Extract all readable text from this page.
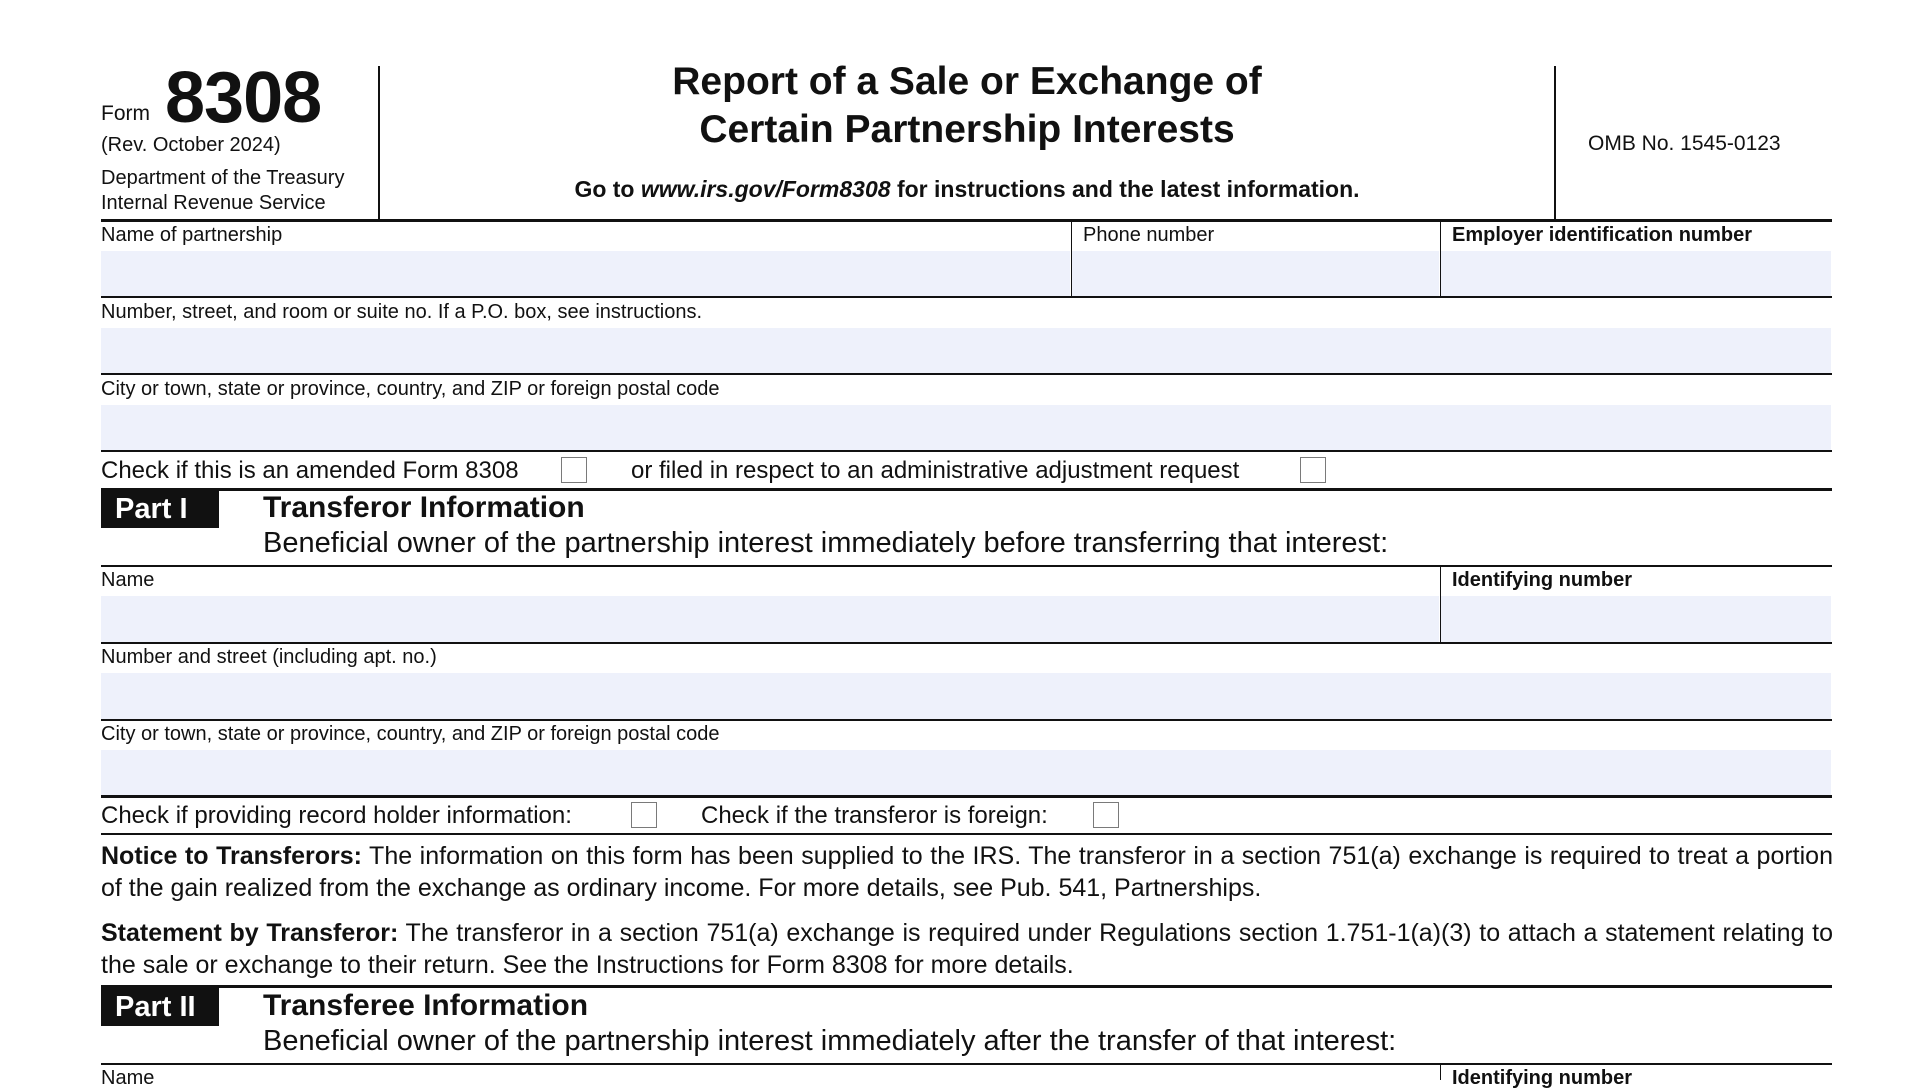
Form 8308
(Rev. October 2024)
Department of the Treasury
Internal Revenue Service
Report of a Sale or Exchange of
Certain Partnership Interests
Go to www.irs.gov/Form8308 for instructions and the latest information.
OMB No. 1545-0123
Name of partnership	Phone number	Employer identification number
Number, street, and room or suite no. If a P.O. box, see instructions.
City or town, state or province, country, and ZIP or foreign postal code
Check if this is an amended Form 8308	or filed in respect to an administrative adjustment request
Part I	Transferor Information
Beneficial owner of the partnership interest immediately before transferring that interest:
Name	Identifying number
Number and street (including apt. no.)
City or town, state or province, country, and ZIP or foreign postal code
Check if providing record holder information:	Check if the transferor is foreign:
Notice to Transferors: The information on this form has been supplied to the IRS. The transferor in a section 751(a) exchange is required to treat a portion of the gain realized from the exchange as ordinary income. For more details, see Pub. 541, Partnerships.
Statement by Transferor: The transferor in a section 751(a) exchange is required under Regulations section 1.751-1(a)(3) to attach a statement relating to the sale or exchange to their return. See the Instructions for Form 8308 for more details.
Part II	Transferee Information
Beneficial owner of the partnership interest immediately after the transfer of that interest:
Name	Identifying number
